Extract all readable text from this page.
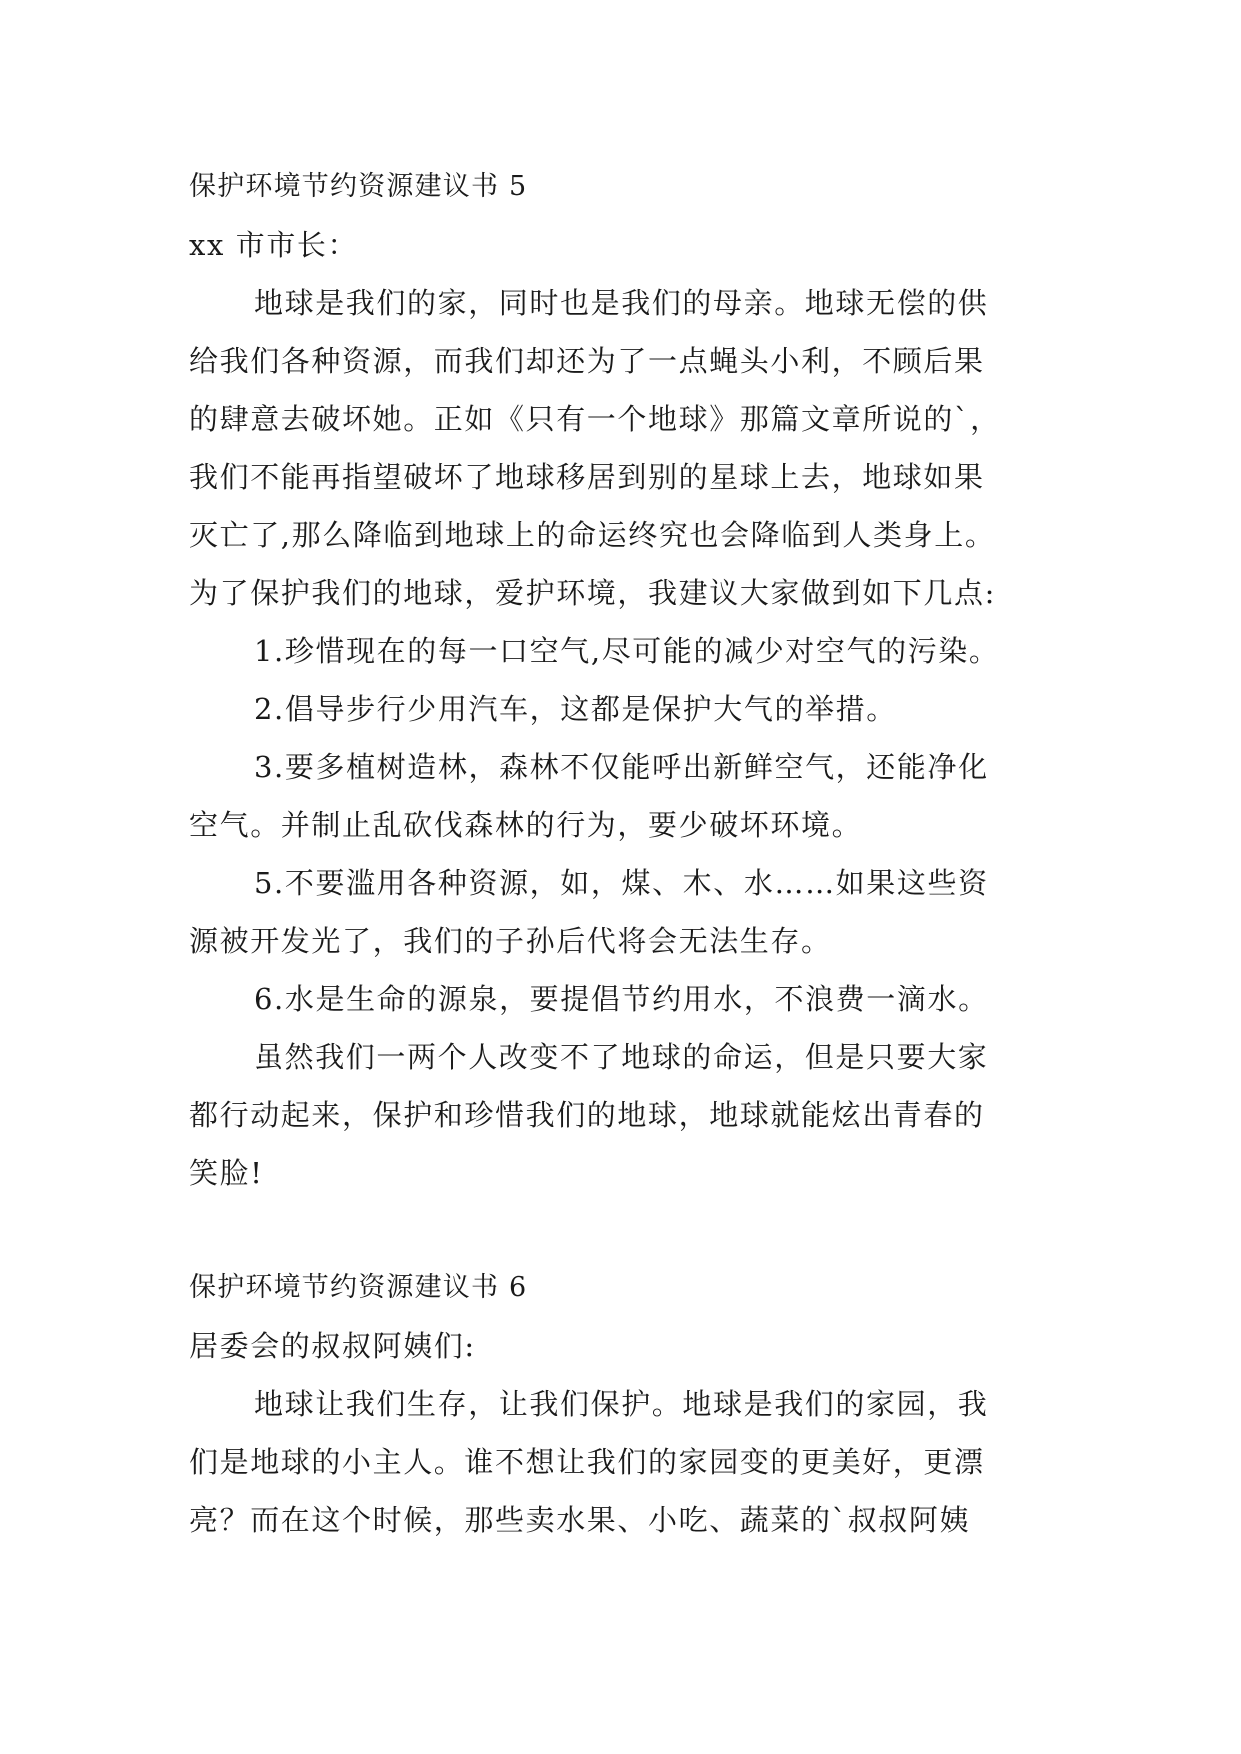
保护环境节约资源建议书 5
xx 市市长：
地球是我们的家，同时也是我们的母亲。地球无偿的供
给我们各种资源，而我们却还为了一点蝇头小利，不顾后果
的肆意去破坏她。正如《只有一个地球》那篇文章所说的`，
我们不能再指望破坏了地球移居到别的星球上去，地球如果
灭亡了,那么降临到地球上的命运终究也会降临到人类身上。
为了保护我们的地球，爱护环境，我建议大家做到如下几点:
1.珍惜现在的每一口空气,尽可能的减少对空气的污染。
2.倡导步行少用汽车，这都是保护大气的举措。
3.要多植树造林，森林不仅能呼出新鲜空气，还能净化
空气。并制止乱砍伐森林的行为，要少破坏环境。
5.不要滥用各种资源，如，煤、木、水……如果这些资
源被开发光了，我们的子孙后代将会无法生存。
6.水是生命的源泉，要提倡节约用水，不浪费一滴水。
虽然我们一两个人改变不了地球的命运，但是只要大家
都行动起来，保护和珍惜我们的地球，地球就能炫出青春的
笑脸!
保护环境节约资源建议书 6
居委会的叔叔阿姨们:
地球让我们生存，让我们保护。地球是我们的家园，我
们是地球的小主人。谁不想让我们的家园变的更美好，更漂
亮？而在这个时候，那些卖水果、小吃、蔬菜的`叔叔阿姨
